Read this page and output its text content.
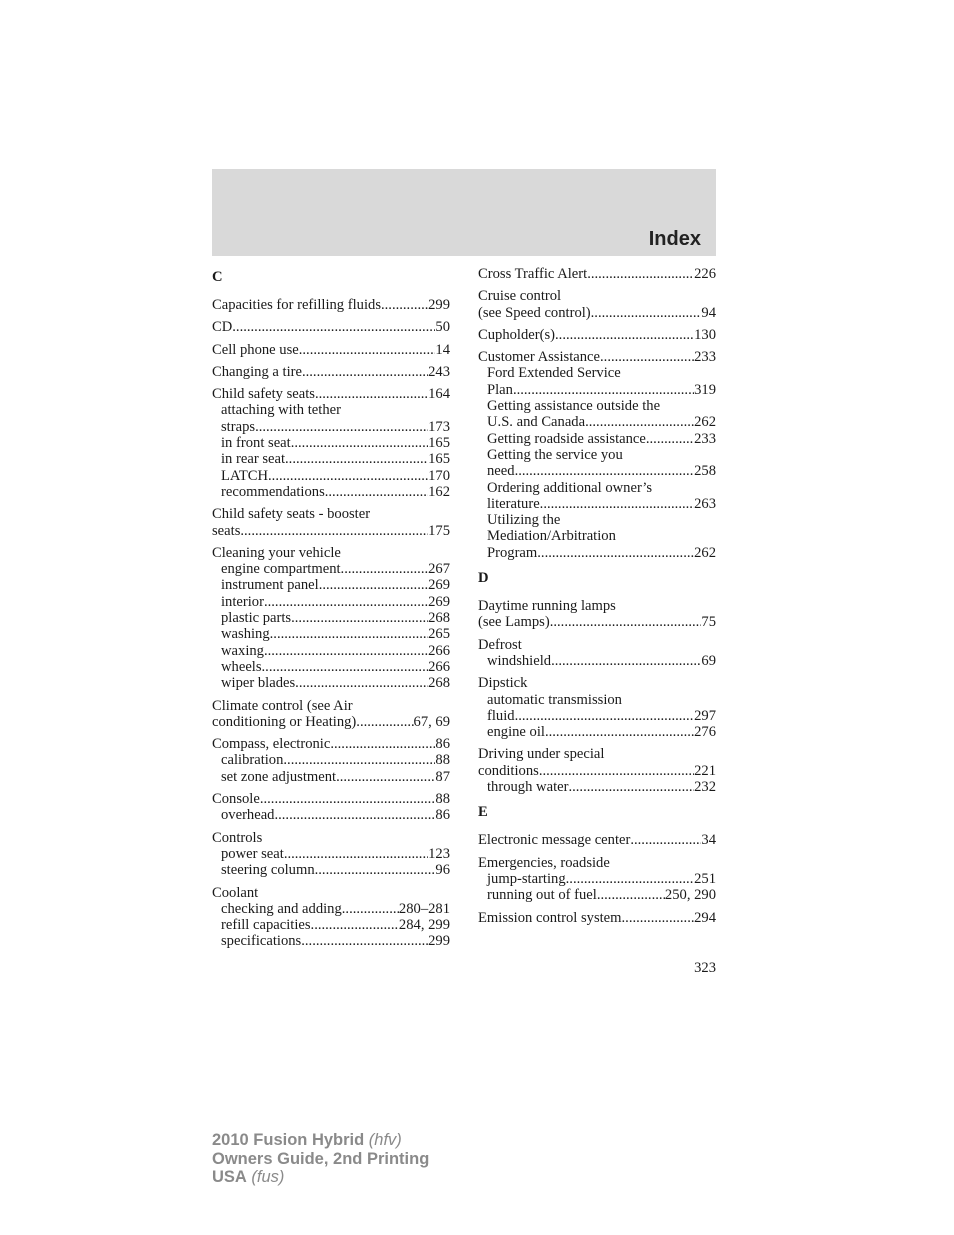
Index
C
Capacities for refilling fluids .....	299
CD .....	50
Cell phone use .....	14
Changing a tire .....	243
Child safety seats .....	164
attaching with tether
straps .....	173
in front seat .....	165
in rear seat .....	165
LATCH .....	170
recommendations .....	162
Child safety seats - booster
seats .....	175
Cleaning your vehicle
engine compartment .....	267
instrument panel .....	269
interior .....	269
plastic parts .....	268
washing .....	265
waxing .....	266
wheels .....	266
wiper blades .....	268
Climate control (see Air
conditioning or Heating) .....	67, 69
Compass, electronic .....	86
calibration .....	88
set zone adjustment .....	87
Console .....	88
overhead .....	86
Controls
power seat .....	123
steering column .....	96
Coolant
checking and adding .....	280–281
refill capacities .....	284, 299
specifications .....	299
Cross Traffic Alert .....	226
Cruise control
(see Speed control) .....	94
Cupholder(s) .....	130
Customer Assistance .....	233
Ford Extended Service
Plan .....	319
Getting assistance outside the
U.S. and Canada .....	262
Getting roadside assistance .....	233
Getting the service you
need .....	258
Ordering additional owner’s
literature .....	263
Utilizing the
Mediation/Arbitration
Program .....	262
D
Daytime running lamps
(see Lamps) .....	75
Defrost
windshield .....	69
Dipstick
automatic transmission
fluid .....	297
engine oil .....	276
Driving under special
conditions .....	221
through water .....	232
E
Electronic message center .....	34
Emergencies, roadside
jump-starting .....	251
running out of fuel .....	250, 290
Emission control system .....	294
323
2010 Fusion Hybrid (hfv)
Owners Guide, 2nd Printing
USA (fus)
